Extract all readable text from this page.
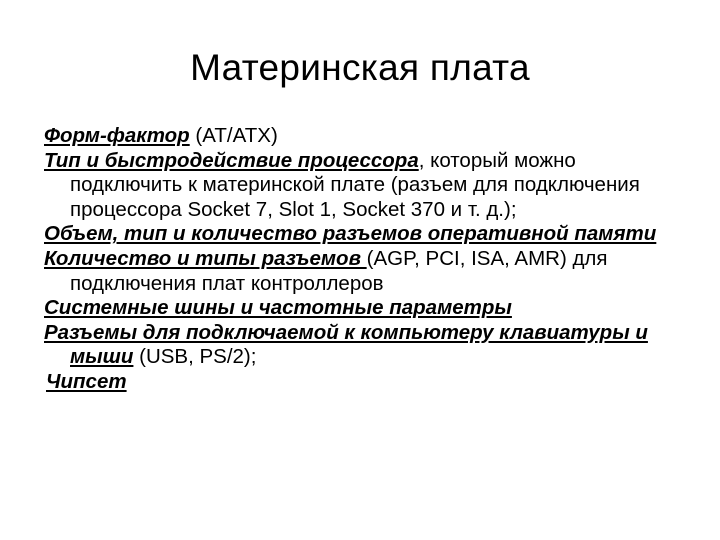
Материнская плата
Форм-фактор (AT/ATX)
Тип и быстродействие процессора, который можно подключить к материнской плате (разъем для подключения процессора Socket 7, Slot 1, Socket 370 и т. д.);
Объем, тип и количество разъемов оперативной памяти
Количество и типы разъемов (AGP, PCI, ISA, AMR) для подключения плат контроллеров
Системные шины и частотные параметры
Разъемы для подключаемой к компьютеру клавиатуры и мыши (USB, PS/2);
Чипсет
